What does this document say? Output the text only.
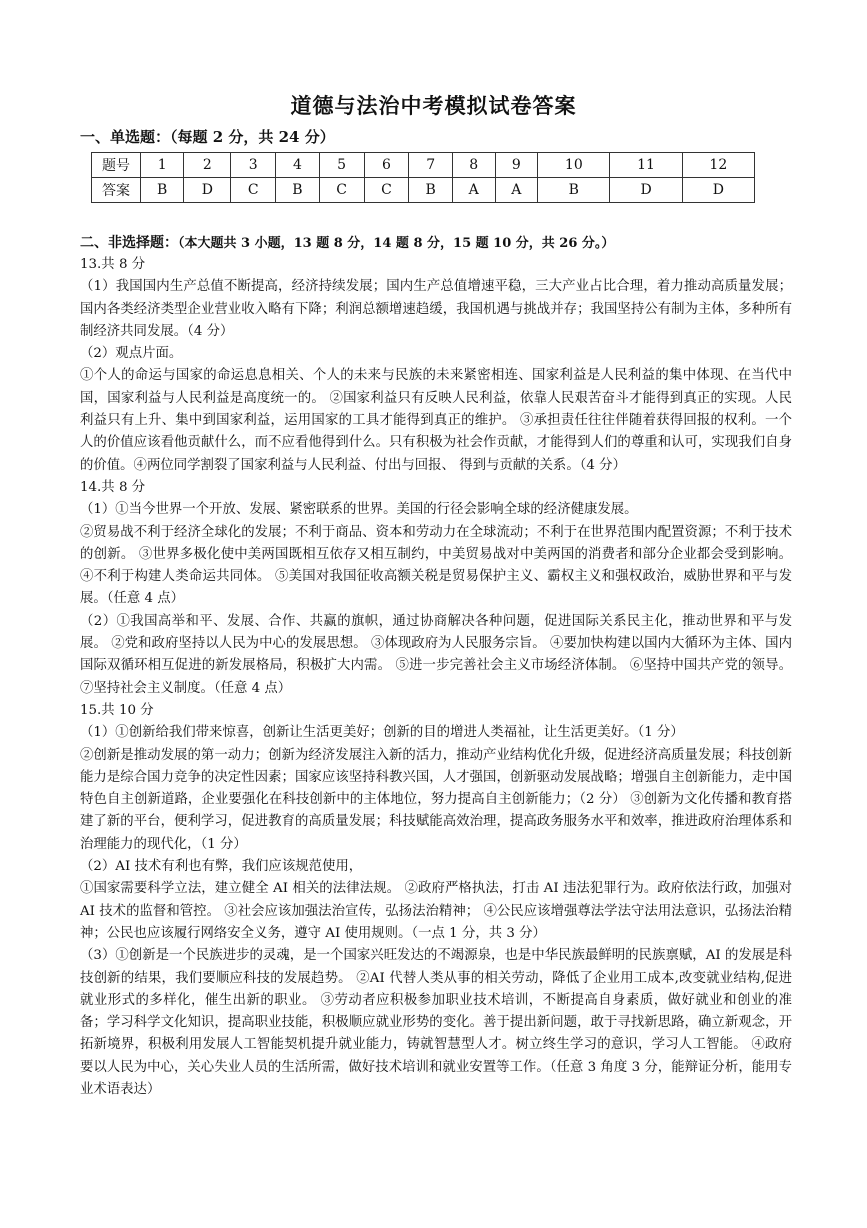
道德与法治中考模拟试卷答案
一、单选题：（每题 2 分，共 24 分）
题号	1	2	3	4	5	6	7	8	9	10	11	12
答案	B	D	C	B	C	C	B	A	A	B	D	D
二、非选择题：（本大题共 3 小题，13 题 8 分，14 题 8 分，15 题 10 分，共 26 分。）

13.共 8 分

（1）我国国内生产总值不断提高，经济持续发展；国内生产总值增速平稳，三大产业占比合理，着力推动高质量发展；国内各类经济类型企业营业收入略有下降；利润总额增速趋缓，我国机遇与挑战并存；我国坚持公有制为主体，多种所有制经济共同发展。（4 分）

（2）观点片面。

①个人的命运与国家的命运息息相关、个人的未来与民族的未来紧密相连、国家利益是人民利益的集中体现、在当代中国，国家利益与人民利益是高度统一的。 ②国家利益只有反映人民利益，依靠人民艰苦奋斗才能得到真正的实现。人民利益只有上升、集中到国家利益，运用国家的工具才能得到真正的维护。 ③承担责任往往伴随着获得回报的权利。一个人的价值应该看他贡献什么，而不应看他得到什么。只有积极为社会作贡献，才能得到人们的尊重和认可，实现我们自身的价值。④两位同学割裂了国家利益与人民利益、付出与回报、 得到与贡献的关系。（4 分）

14.共 8 分

（1）①当今世界一个开放、发展、紧密联系的世界。美国的行径会影响全球的经济健康发展。

②贸易战不利于经济全球化的发展；不利于商品、资本和劳动力在全球流动；不利于在世界范围内配置资源；不利于技术的创新。 ③世界多极化使中美两国既相互依存又相互制约，中美贸易战对中美两国的消费者和部分企业都会受到影响。 ④不利于构建人类命运共同体。 ⑤美国对我国征收高额关税是贸易保护主义、霸权主义和强权政治，威胁世界和平与发展。（任意 4 点）

（2）①我国高举和平、发展、合作、共赢的旗帜，通过协商解决各种问题，促进国际关系民主化，推动世界和平与发展。 ②党和政府坚持以人民为中心的发展思想。 ③体现政府为人民服务宗旨。 ④要加快构建以国内大循环为主体、国内国际双循环相互促进的新发展格局，积极扩大内需。 ⑤进一步完善社会主义市场经济体制。 ⑥坚持中国共产党的领导。⑦坚持社会主义制度。（任意 4 点）

15.共 10 分

（1）①创新给我们带来惊喜，创新让生活更美好；创新的目的增进人类福祉，让生活更美好。（1 分）

②创新是推动发展的第一动力；创新为经济发展注入新的活力，推动产业结构优化升级，促进经济高质量发展；科技创新能力是综合国力竞争的决定性因素；国家应该坚持科教兴国，人才强国，创新驱动发展战略；增强自主创新能力，走中国特色自主创新道路，企业要强化在科技创新中的主体地位，努力提高自主创新能力；（2 分） ③创新为文化传播和教育搭建了新的平台，便利学习，促进教育的高质量发展；科技赋能高效治理，提高政务服务水平和效率，推进政府治理体系和治理能力的现代化，（1 分）

（2）AI 技术有利也有弊，我们应该规范使用，

①国家需要科学立法，建立健全 AI 相关的法律法规。 ②政府严格执法，打击 AI 违法犯罪行为。政府依法行政，加强对 AI 技术的监督和管控。 ③社会应该加强法治宣传，弘扬法治精神； ④公民应该增强尊法学法守法用法意识，弘扬法治精神；公民也应该履行网络安全义务，遵守 AI 使用规则。（一点 1 分，共 3 分）

（3）①创新是一个民族进步的灵魂，是一个国家兴旺发达的不竭源泉，也是中华民族最鲜明的民族禀赋，AI 的发展是科技创新的结果，我们要顺应科技的发展趋势。 ②AI 代替人类从事的相关劳动，降低了企业用工成本,改变就业结构,促进就业形式的多样化，催生出新的职业。 ③劳动者应积极参加职业技术培训，不断提高自身素质，做好就业和创业的准备；学习科学文化知识，提高职业技能，积极顺应就业形势的变化。善于提出新问题，敢于寻找新思路，确立新观念，开拓新境界，积极利用发展人工智能契机提升就业能力，铸就智慧型人才。树立终生学习的意识，学习人工智能。 ④政府要以人民为中心，关心失业人员的生活所需，做好技术培训和就业安置等工作。（任意 3 角度 3 分，能辩证分析，能用专业术语表达）
